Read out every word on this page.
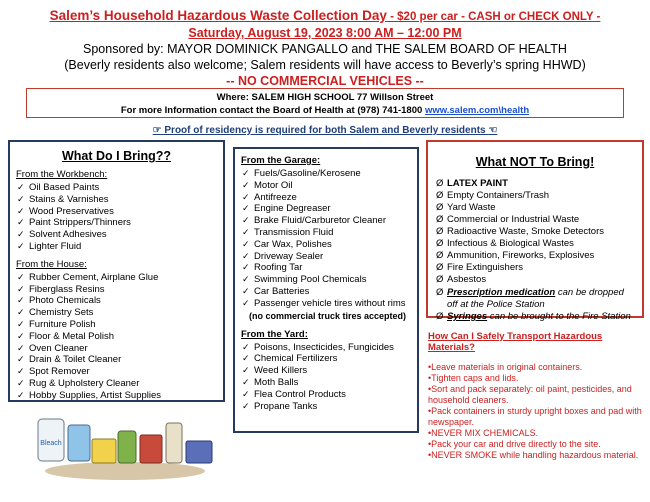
Salem’s Household Hazardous Waste Collection Day - $20 per car - CASH or CHECK ONLY -
Saturday, August 19, 2023 8:00 AM – 12:00 PM
Sponsored by: MAYOR DOMINICK PANGALLO and THE SALEM BOARD OF HEALTH
(Beverly residents also welcome; Salem residents will have access to Beverly’s spring HHWD)
-- NO COMMERCIAL VEHICLES --
Where: SALEM HIGH SCHOOL 77 Willson Street
For more Information contact the Board of Health at (978) 741-1800 www.salem.com\health
☞ Proof of residency is required for both Salem and Beverly residents ☜
What Do I Bring??
From the Workbench:
✓ Oil Based Paints
✓ Stains & Varnishes
✓ Wood Preservatives
✓ Paint Strippers/Thinners
✓ Solvent Adhesives
✓ Lighter Fluid
From the House:
✓ Rubber Cement, Airplane Glue
✓ Fiberglass Resins
✓ Photo Chemicals
✓ Chemistry Sets
✓ Furniture Polish
✓ Floor & Metal Polish
✓ Oven Cleaner
✓ Drain & Toilet Cleaner
✓ Spot Remover
✓ Rug & Upholstery Cleaner
✓ Hobby Supplies, Artist Supplies
From the Garage:
✓ Fuels/Gasoline/Kerosene
✓ Motor Oil
✓ Antifreeze
✓ Engine Degreaser
✓ Brake Fluid/Carburetor Cleaner
✓ Transmission Fluid
✓ Car Wax, Polishes
✓ Driveway Sealer
✓ Roofing Tar
✓ Swimming Pool Chemicals
✓ Car Batteries
✓ Passenger vehicle tires without rims
(no commercial truck tires accepted)
From the Yard:
✓ Poisons, Insecticides, Fungicides
✓ Chemical Fertilizers
✓ Weed Killers
✓ Moth Balls
✓ Flea Control Products
✓ Propane Tanks
What NOT To Bring!
Ø LATEX PAINT
Ø Empty Containers/Trash
Ø Yard Waste
Ø Commercial or Industrial Waste
Ø Radioactive Waste, Smoke Detectors
Ø Infectious & Biological Wastes
Ø Ammunition, Fireworks, Explosives
Ø Fire Extinguishers
Ø Asbestos
Ø Prescription medication can be dropped off at the Police Station
Ø Syringes can be brought to the Fire Station
How Can I Safely Transport Hazardous Materials?
•Leave materials in original containers.
•Tighten caps and lids.
•Sort and pack separately: oil paint, pesticides, and household cleaners.
•Pack containers in sturdy upright boxes and pad with newspaper.
•NEVER MIX CHEMICALS.
•Pack your car and drive directly to the site.
•NEVER SMOKE while handling hazardous material.
Bleach
